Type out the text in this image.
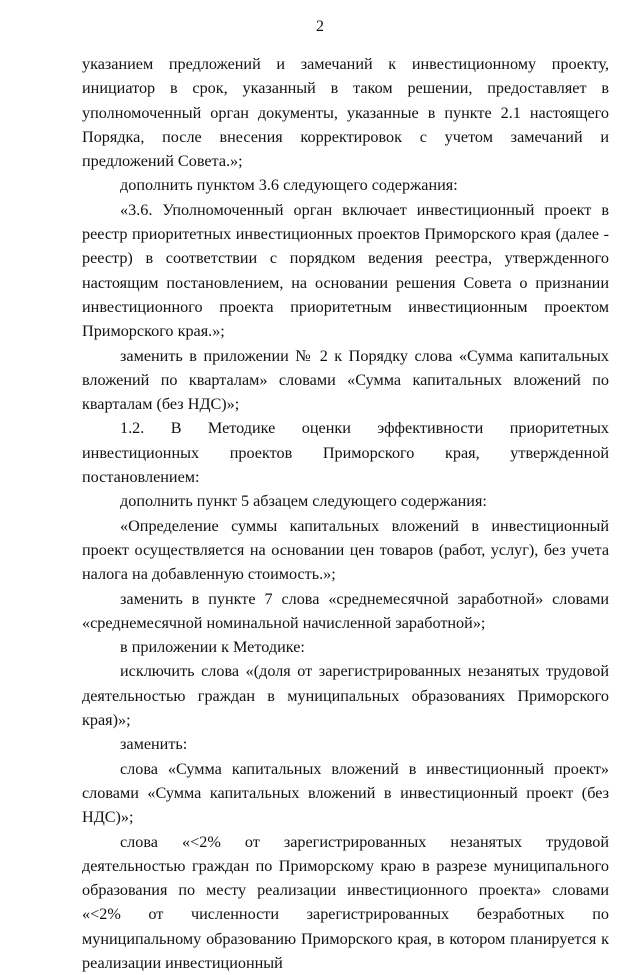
2

указанием предложений и замечаний к инвестиционному проекту, инициатор в срок, указанный в таком решении, предоставляет в уполномоченный орган документы, указанные в пункте 2.1 настоящего Порядка, после внесения корректировок с учетом замечаний и предложений Совета.»;

дополнить пунктом 3.6 следующего содержания:

«3.6. Уполномоченный орган включает инвестиционный проект в реестр приоритетных инвестиционных проектов Приморского края (далее - реестр) в соответствии с порядком ведения реестра, утвержденного настоящим постановлением, на основании решения Совета о признании инвестиционного проекта приоритетным инвестиционным проектом Приморского края.»;

заменить в приложении № 2 к Порядку слова «Сумма капитальных вложений по кварталам» словами «Сумма капитальных вложений по кварталам (без НДС)»;

1.2. В Методике оценки эффективности приоритетных инвестиционных проектов Приморского края, утвержденной постановлением:

дополнить пункт 5 абзацем следующего содержания:

«Определение суммы капитальных вложений в инвестиционный проект осуществляется на основании цен товаров (работ, услуг), без учета налога на добавленную стоимость.»;

заменить в пункте 7 слова «среднемесячной заработной» словами «среднемесячной номинальной начисленной заработной»;

в приложении к Методике:

исключить слова «(доля от зарегистрированных незанятых трудовой деятельностью граждан в муниципальных образованиях Приморского края)»;

заменить:

слова «Сумма капитальных вложений в инвестиционный проект» словами «Сумма капитальных вложений в инвестиционный проект (без НДС)»;

слова «<2% от зарегистрированных незанятых трудовой деятельностью граждан по Приморскому краю в разрезе муниципального образования по месту реализации инвестиционного проекта» словами «<2% от численности зарегистрированных безработных по муниципальному образованию Приморского края, в котором планируется к реализации инвестиционный
